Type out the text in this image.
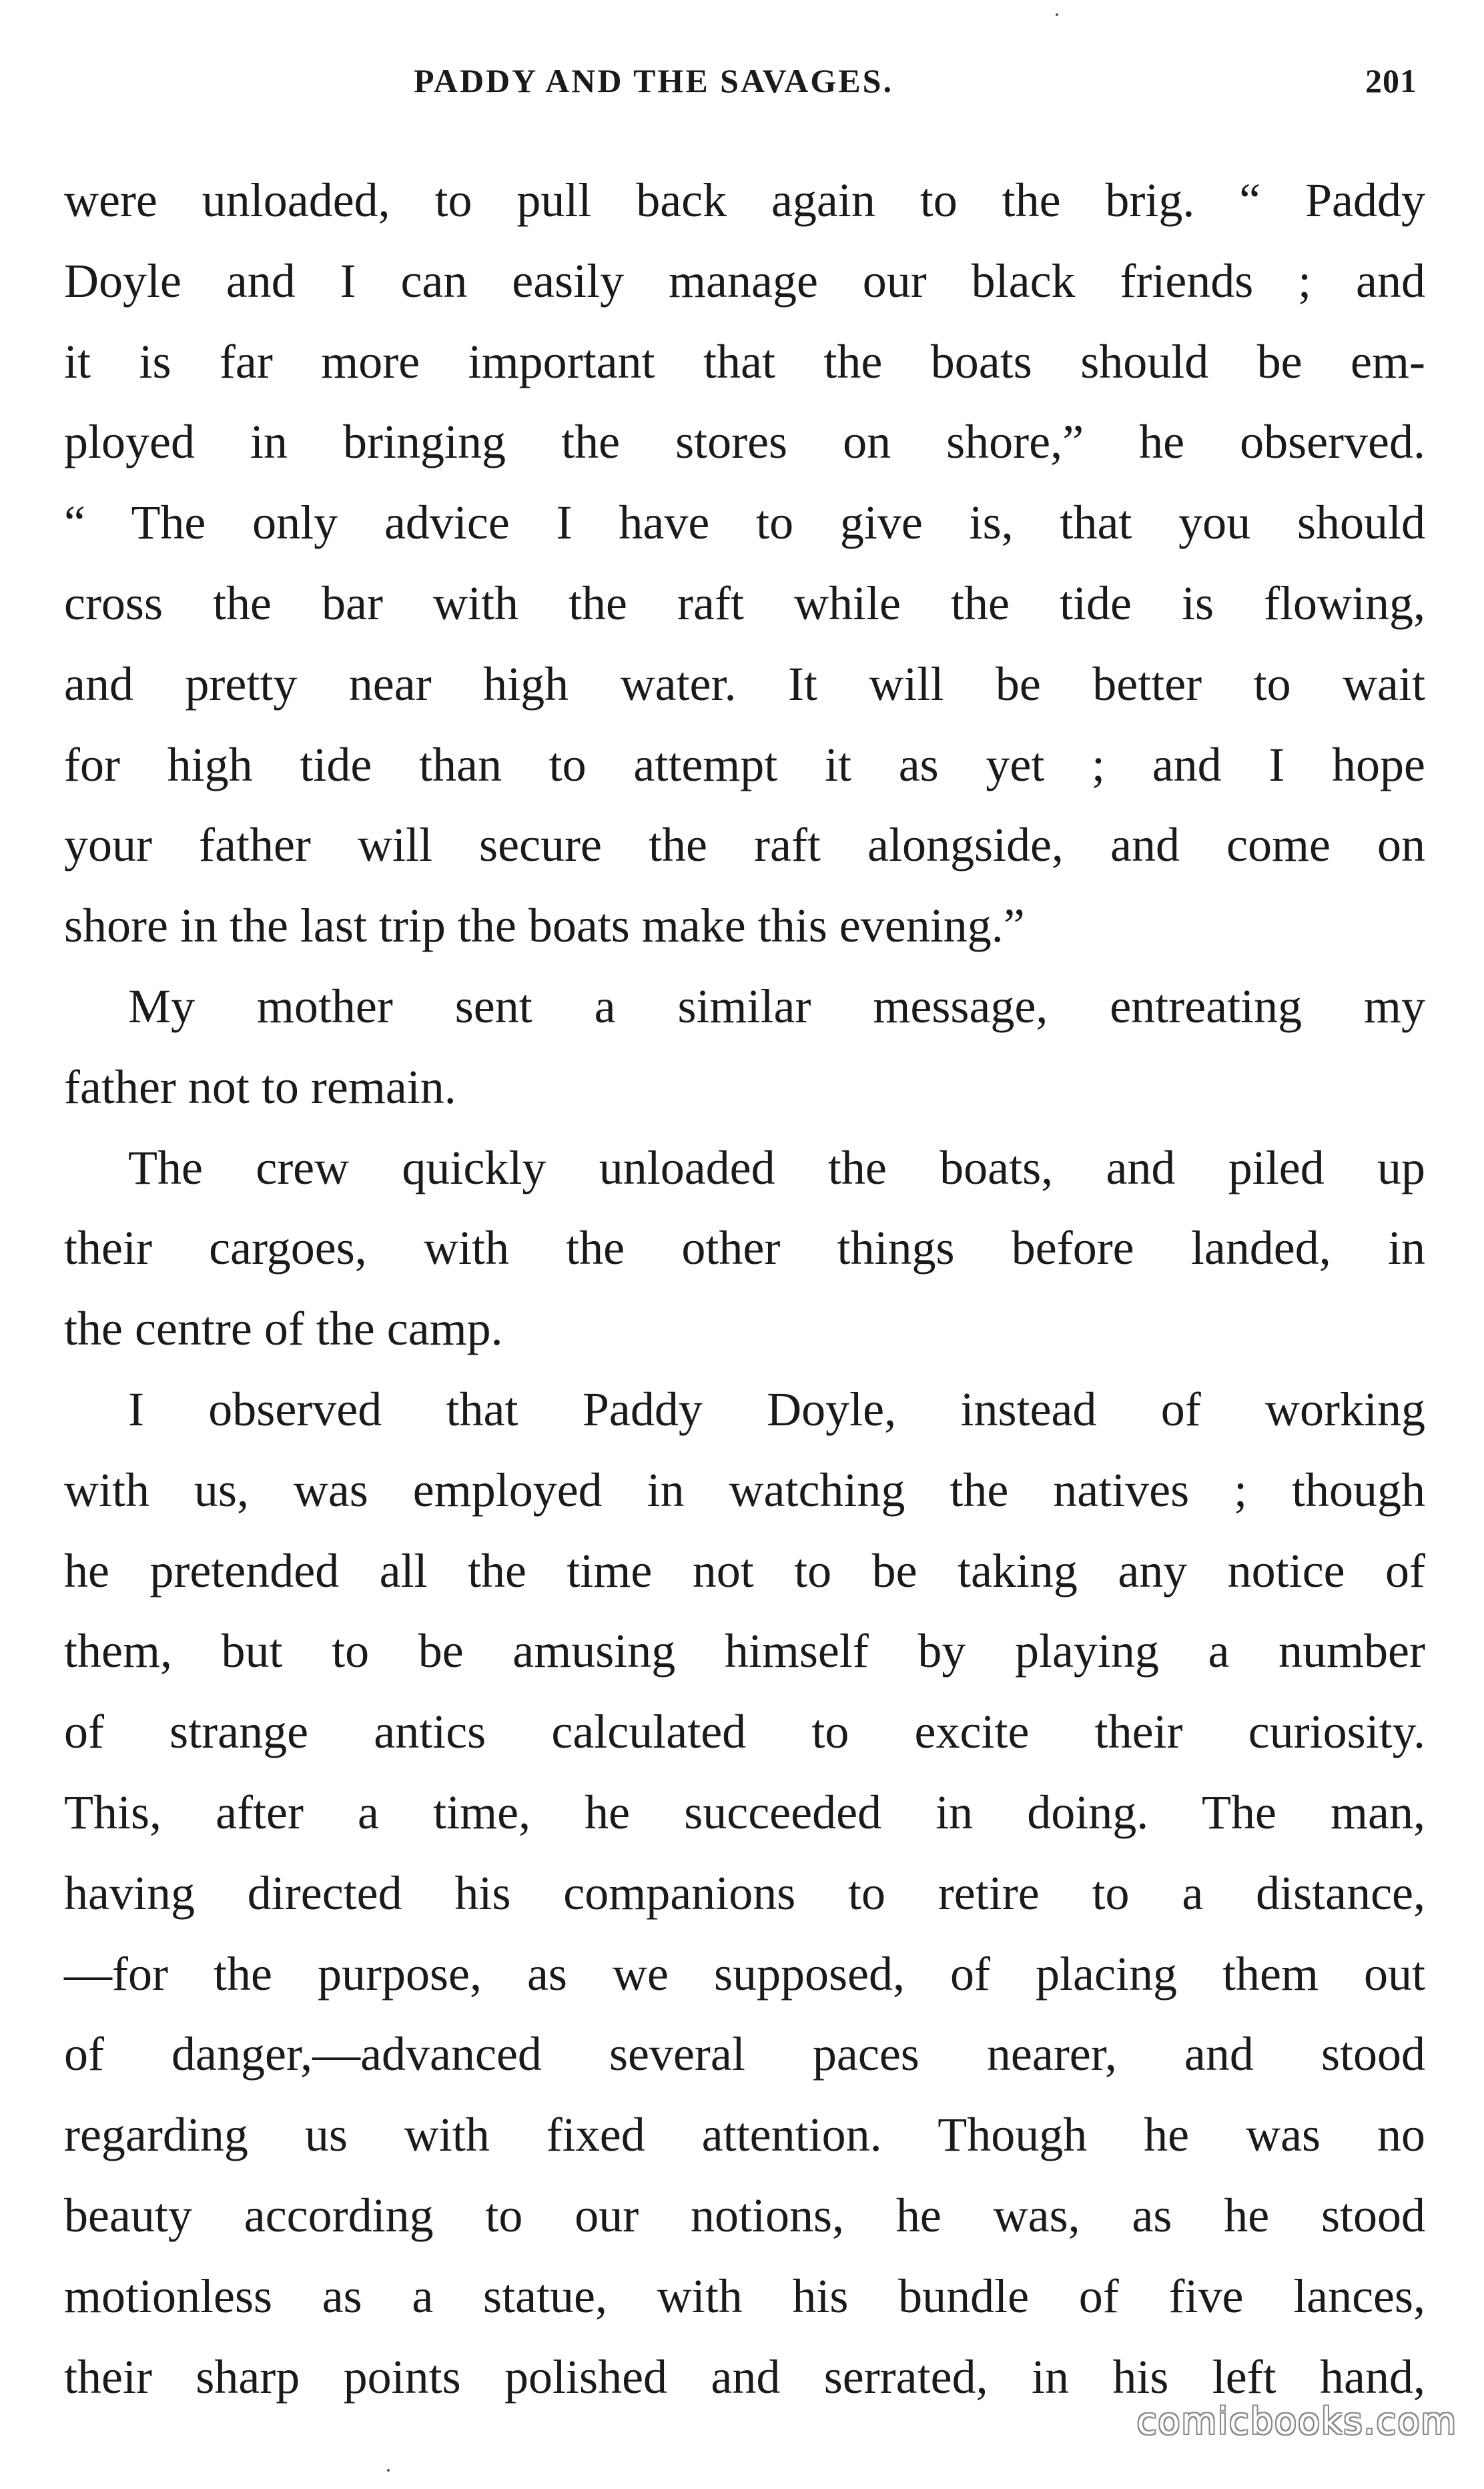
PADDY AND THE SAVAGES.	201
were unloaded, to pull back again to the brig. “ Paddy
Doyle and I can easily manage our black friends ; and
it is far more important that the boats should be em-
ployed in bringing the stores on shore,” he observed.
“ The only advice I have to give is, that you should
cross the bar with the raft while the tide is flowing,
and pretty near high water. It will be better to wait
for high tide than to attempt it as yet ; and I hope
your father will secure the raft alongside, and come on
shore in the last trip the boats make this evening.”
My mother sent a similar message, entreating my
father not to remain.
The crew quickly unloaded the boats, and piled up
their cargoes, with the other things before landed, in
the centre of the camp.
I observed that Paddy Doyle, instead of working
with us, was employed in watching the natives ; though
he pretended all the time not to be taking any notice of
them, but to be amusing himself by playing a number
of strange antics calculated to excite their curiosity.
This, after a time, he succeeded in doing. The man,
having directed his companions to retire to a distance,
—for the purpose, as we supposed, of placing them out
of danger,—advanced several paces nearer, and stood
regarding us with fixed attention. Though he was no
beauty according to our notions, he was, as he stood
motionless as a statue, with his bundle of five lances,
their sharp points polished and serrated, in his left hand,
comicbooks.com
